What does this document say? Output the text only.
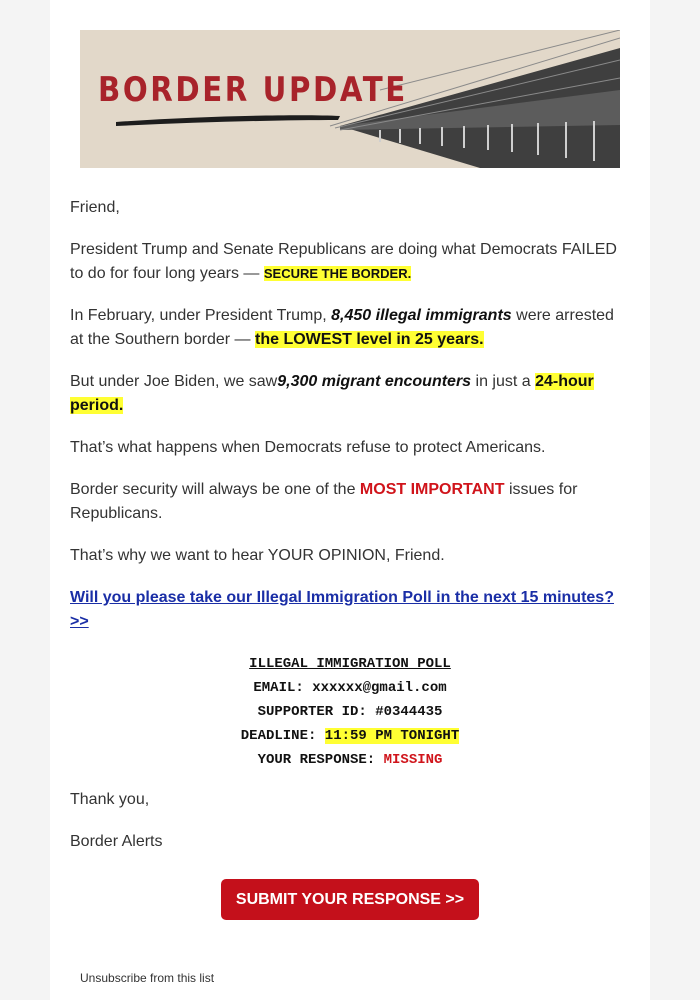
BORDER UPDATE

Friend,

President Trump and Senate Republicans are doing what Democrats FAILED to do for four long years — SECURE THE BORDER.

In February, under President Trump, 8,450 illegal immigrants were arrested at the Southern border — the LOWEST level in 25 years.

But under Joe Biden, we saw9,300 migrant encounters in just a 24-hour period.

That’s what happens when Democrats refuse to protect Americans.

Border security will always be one of the MOST IMPORTANT issues for Republicans.

That’s why we want to hear YOUR OPINION, Friend.

Will you please take our Illegal Immigration Poll in the next 15 minutes? >>

ILLEGAL IMMIGRATION POLL
EMAIL: xxxxxx@gmail.com
SUPPORTER ID: #0344435
DEADLINE: 11:59 PM TONIGHT
YOUR RESPONSE: MISSING

Thank you,

Border Alerts

SUBMIT YOUR RESPONSE >>
Unsubscribe from this list
